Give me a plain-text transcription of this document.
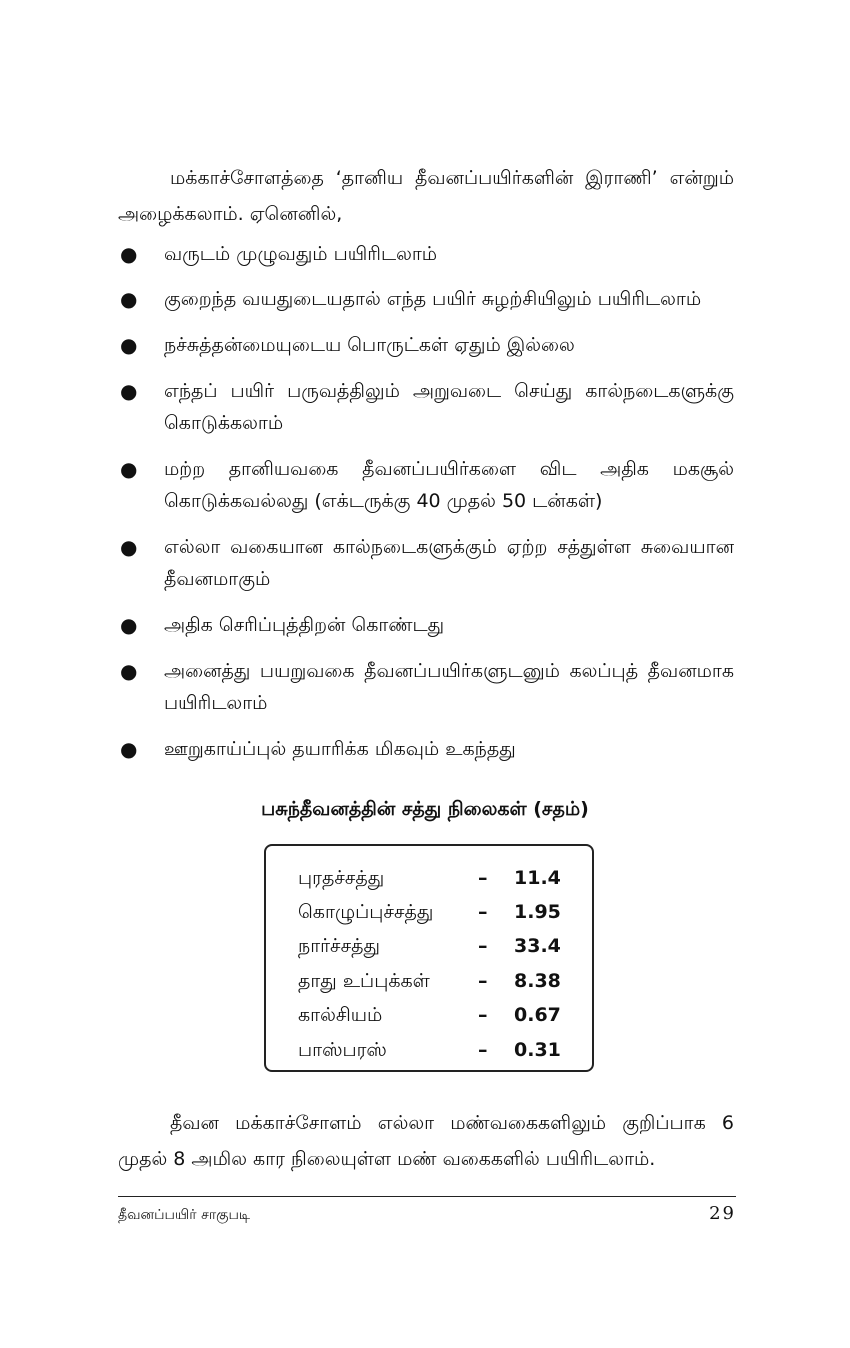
மக்காச்சோளத்தை ‘தானிய தீவனப்பயிர்களின் இராணி’ என்றும் அழைக்கலாம். ஏனெனில்,

● வருடம் முழுவதும் பயிரிடலாம்
● குறைந்த வயதுடையதால் எந்த பயிர் சுழற்சியிலும் பயிரிடலாம்
● நச்சுத்தன்மையுடைய பொருட்கள் ஏதும் இல்லை
● எந்தப் பயிர் பருவத்திலும் அறுவடை செய்து கால்நடைகளுக்கு கொடுக்கலாம்
● மற்ற தானியவகை தீவனப்பயிர்களை விட அதிக மகசூல் கொடுக்கவல்லது (எக்டருக்கு 40 முதல் 50 டன்கள்)
● எல்லா வகையான கால்நடைகளுக்கும் ஏற்ற சத்துள்ள சுவையான தீவனமாகும்
● அதிக செரிப்புத்திறன் கொண்டது
● அனைத்து பயறுவகை தீவனப்பயிர்களுடனும் கலப்புத் தீவனமாக பயிரிடலாம்
● ஊறுகாய்ப்புல் தயாரிக்க மிகவும் உகந்தது
பசுந்தீவனத்தின் சத்து நிலைகள் (சதம்)
புரதச்சத்து	– 11.4
கொழுப்புச்சத்து – 1.95
நார்ச்சத்து	– 33.4
தாது உப்புக்கள்	– 8.38
கால்சியம்	– 0.67
பாஸ்பரஸ்	– 0.31

தீவன மக்காச்சோளம் எல்லா மண்வகைகளிலும் குறிப்பாக 6 முதல் 8 அமில கார நிலையுள்ள மண் வகைகளில் பயிரிடலாம்.

தீவனப்பயிர் சாகுபடி	29
